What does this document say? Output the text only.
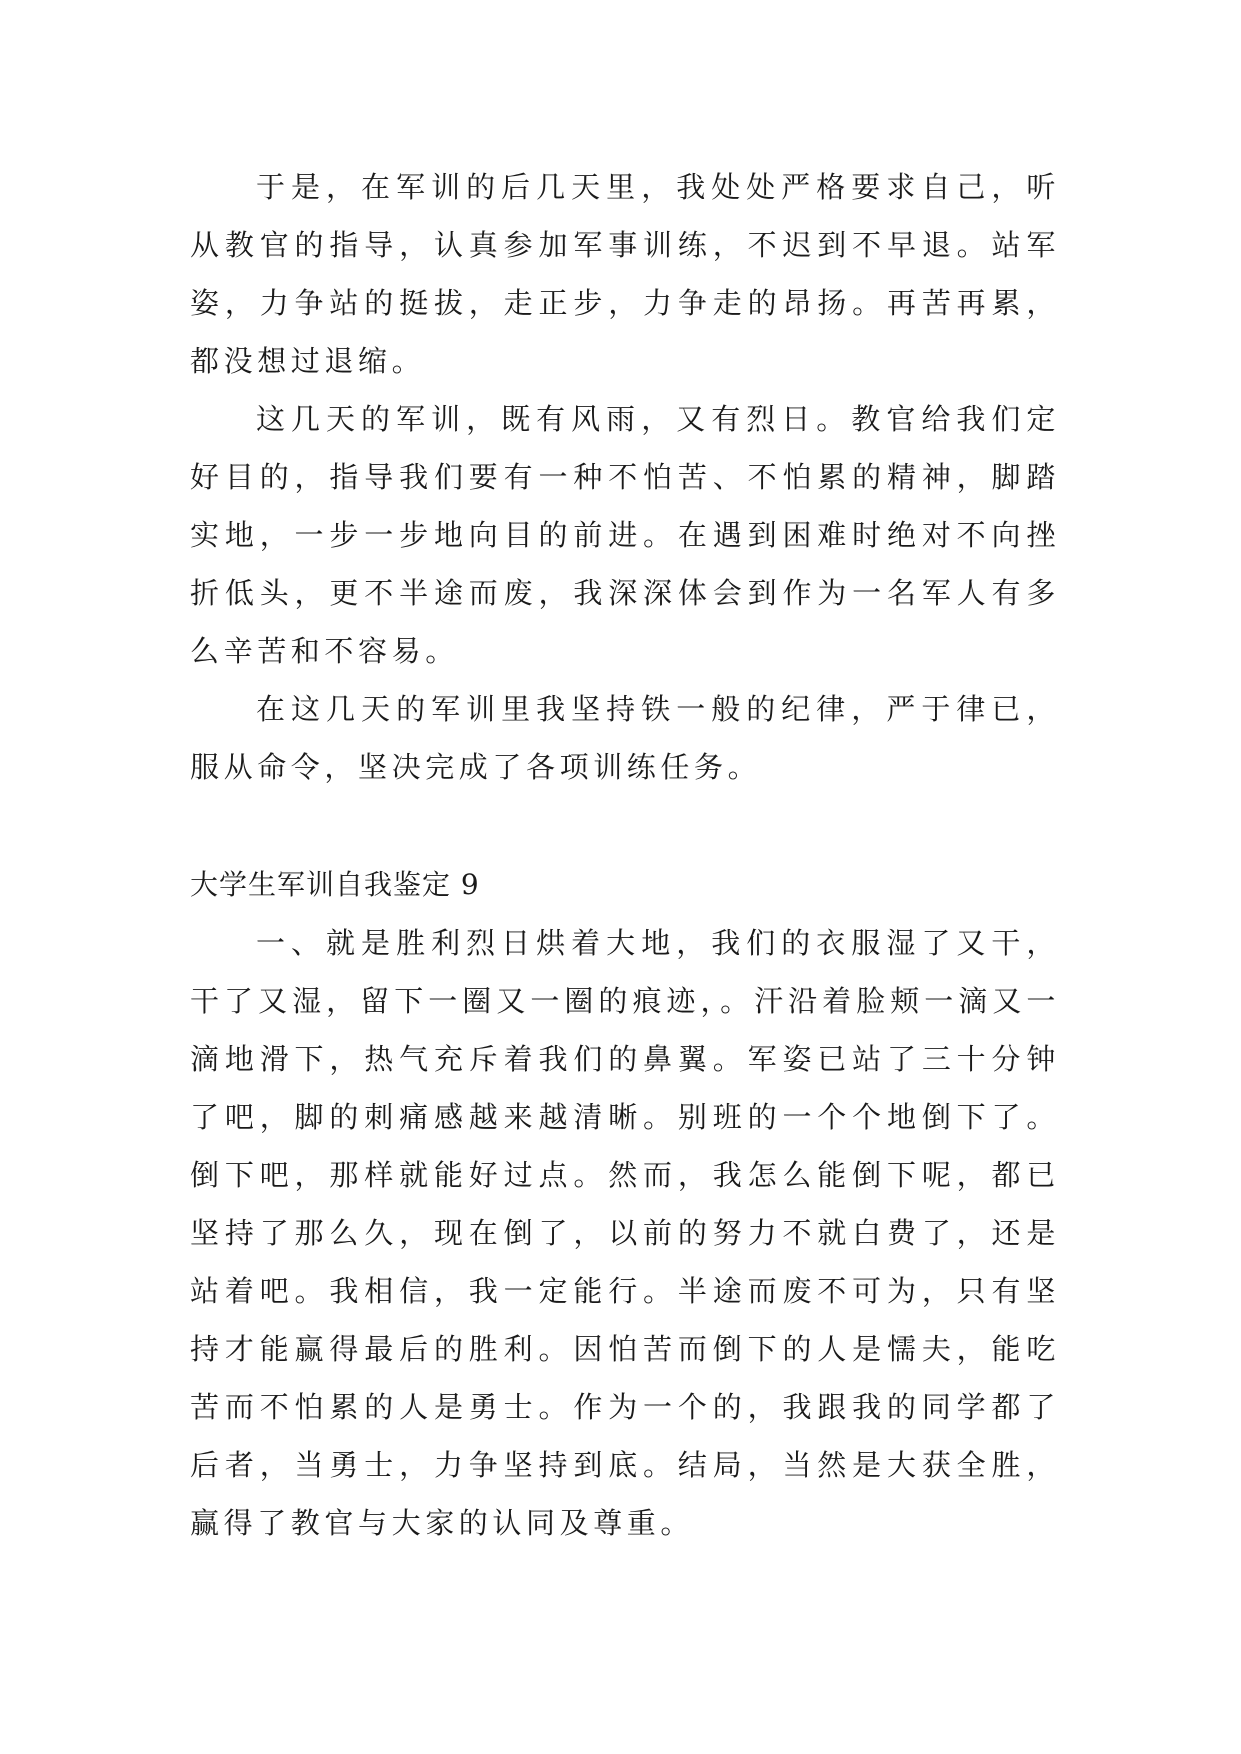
于是，在军训的后几天里，我处处严格要求自己，听从教官的指导，认真参加军事训练，不迟到不早退。站军姿，力争站的挺拔，走正步，力争走的昂扬。再苦再累，都没想过退缩。

这几天的军训，既有风雨，又有烈日。教官给我们定好目的，指导我们要有一种不怕苦、不怕累的精神，脚踏实地，一步一步地向目的前进。在遇到困难时绝对不向挫折低头，更不半途而废，我深深体会到作为一名军人有多么辛苦和不容易。

在这几天的军训里我坚持铁一般的纪律，严于律已，服从命令，坚决完成了各项训练任务。

大学生军训自我鉴定 9

一、就是胜利烈日烘着大地，我们的衣服湿了又干，干了又湿，留下一圈又一圈的痕迹，。汗沿着脸颊一滴又一滴地滑下，热气充斥着我们的鼻翼。军姿已站了三十分钟了吧，脚的刺痛感越来越清晰。别班的一个个地倒下了。倒下吧，那样就能好过点。然而，我怎么能倒下呢，都已坚持了那么久，现在倒了，以前的努力不就白费了，还是站着吧。我相信，我一定能行。半途而废不可为，只有坚持才能赢得最后的胜利。因怕苦而倒下的人是懦夫，能吃苦而不怕累的人是勇士。作为一个的，我跟我的同学都了后者，当勇士，力争坚持到底。结局，当然是大获全胜，赢得了教官与大家的认同及尊重。
